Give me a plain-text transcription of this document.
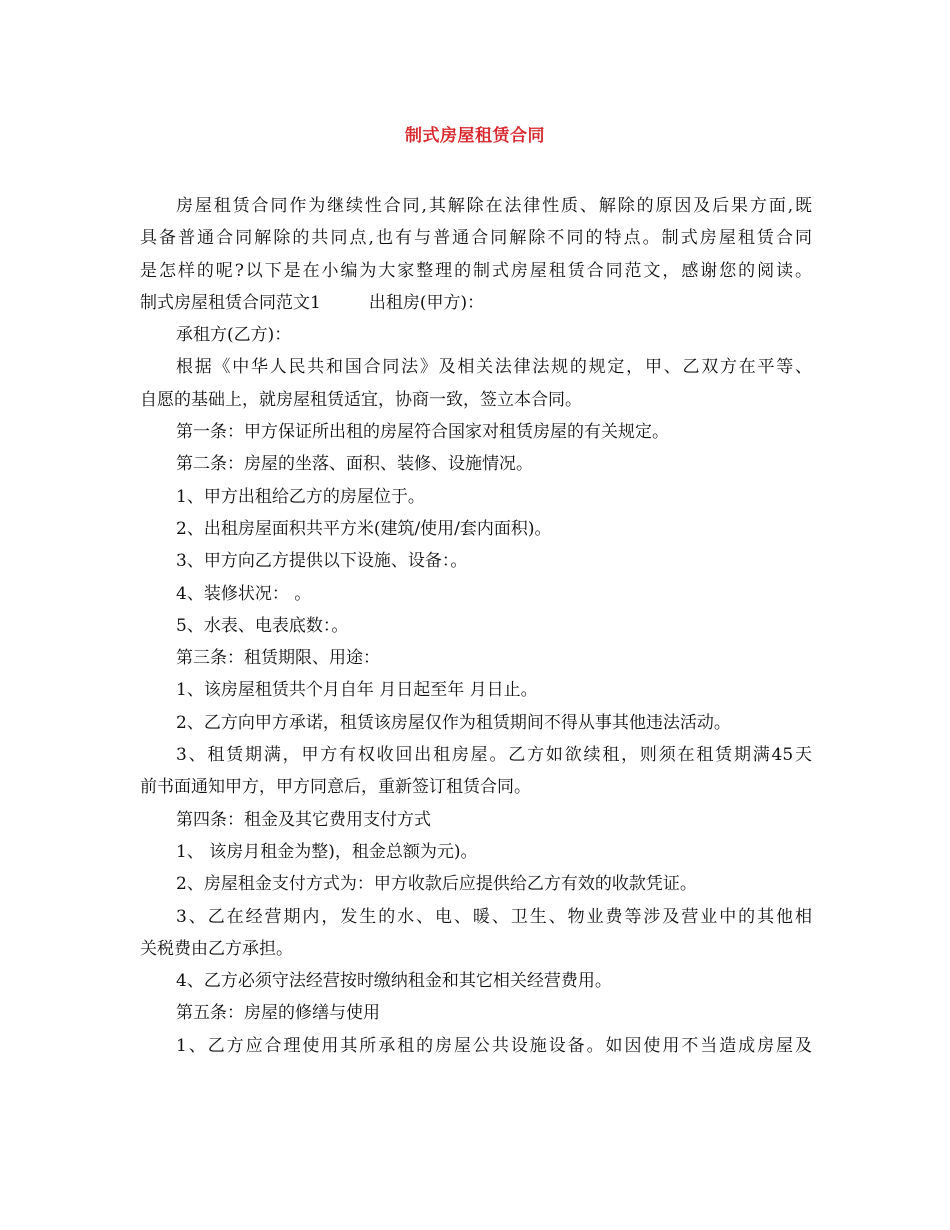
制式房屋租赁合同

房屋租赁合同作为继续性合同,其解除在法律性质、解除的原因及后果方面,既

具备普通合同解除的共同点,也有与普通合同解除不同的特点。制式房屋租赁合同

是怎样的呢?以下是在小编为大家整理的制式房屋租赁合同范文，感谢您的阅读。

制式房屋租赁合同范文1	出租房(甲方)：

承租方(乙方)：

根据《中华人民共和国合同法》及相关法律法规的规定，甲、乙双方在平等、

自愿的基础上，就房屋租赁适宜，协商一致，签立本合同。

第一条：甲方保证所出租的房屋符合国家对租赁房屋的有关规定。

第二条：房屋的坐落、面积、装修、设施情况。

1、甲方出租给乙方的房屋位于。

2、出租房屋面积共平方米(建筑/使用/套内面积)。

3、甲方向乙方提供以下设施、设备：。

4、装修状况： 。

5、水表、电表底数：。

第三条：租赁期限、用途：

1、该房屋租赁共个月自年 月日起至年 月日止。

2、乙方向甲方承诺，租赁该房屋仅作为租赁期间不得从事其他违法活动。

3、租赁期满，甲方有权收回出租房屋。乙方如欲续租，则须在租赁期满45天

前书面通知甲方，甲方同意后，重新签订租赁合同。

第四条：租金及其它费用支付方式

1、 该房月租金为整)，租金总额为元)。

2、房屋租金支付方式为：甲方收款后应提供给乙方有效的收款凭证。

3、乙在经营期内，发生的水、电、暖、卫生、物业费等涉及营业中的其他相

关税费由乙方承担。

4、乙方必须守法经营按时缴纳租金和其它相关经营费用。

第五条：房屋的修缮与使用

1、乙方应合理使用其所承租的房屋公共设施设备。如因使用不当造成房屋及
